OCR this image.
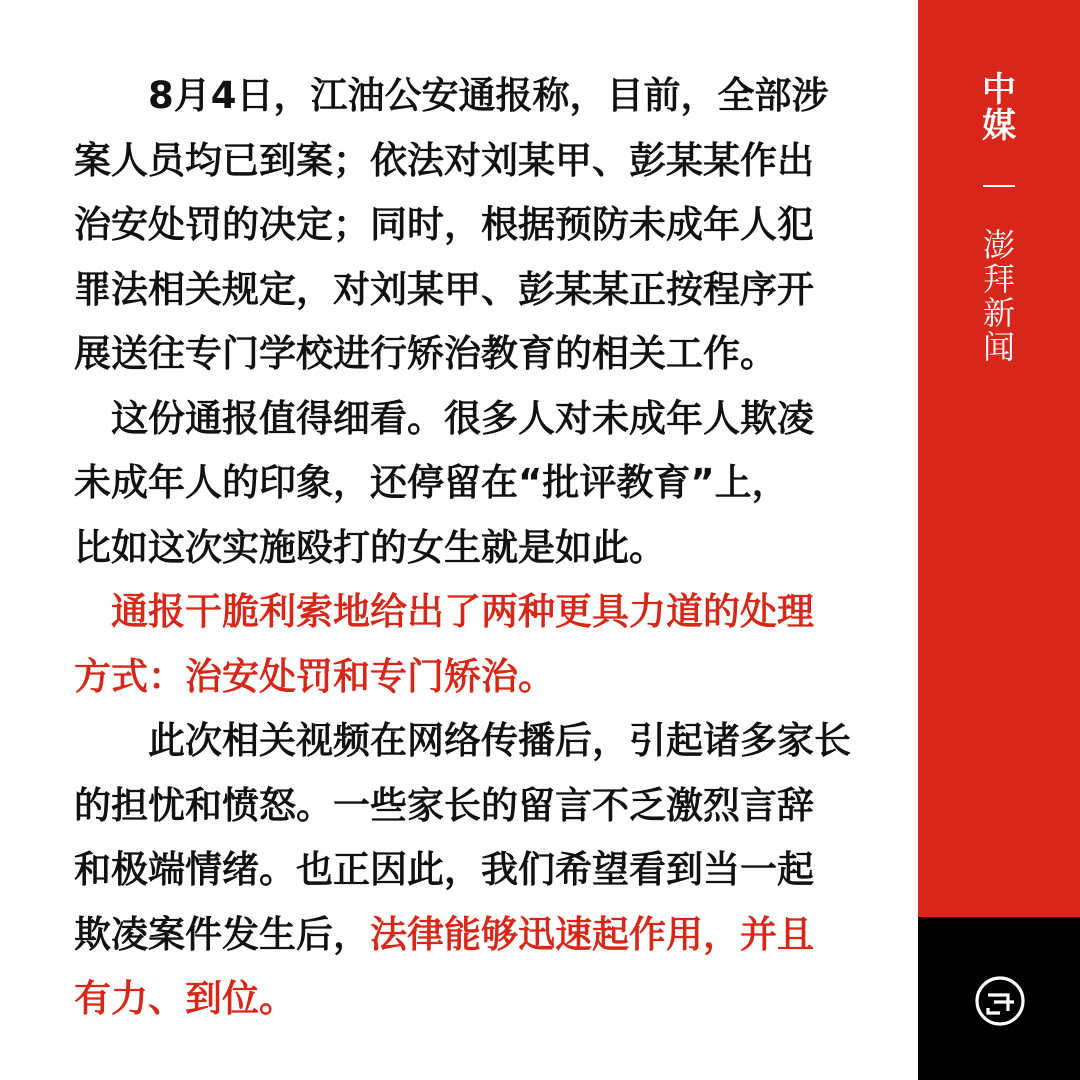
　　8月4日，江油公安通报称，目前，全部涉
案人员均已到案；依法对刘某甲、彭某某作出
治安处罚的决定；同时，根据预防未成年人犯
罪法相关规定，对刘某甲、彭某某正按程序开
展送往专门学校进行矫治教育的相关工作。
　这份通报值得细看。很多人对未成年人欺凌
未成年人的印象，还停留在“批评教育”上，
比如这次实施殴打的女生就是如此。
　通报干脆利索地给出了两种更具力道的处理
方式：治安处罚和专门矫治。
　　此次相关视频在网络传播后，引起诸多家长
的担忧和愤怒。一些家长的留言不乏激烈言辞
和极端情绪。也正因此，我们希望看到当一起
欺凌案件发生后，法律能够迅速起作用，并且
有力、到位。
中
媒
澎
拜
新
闻
